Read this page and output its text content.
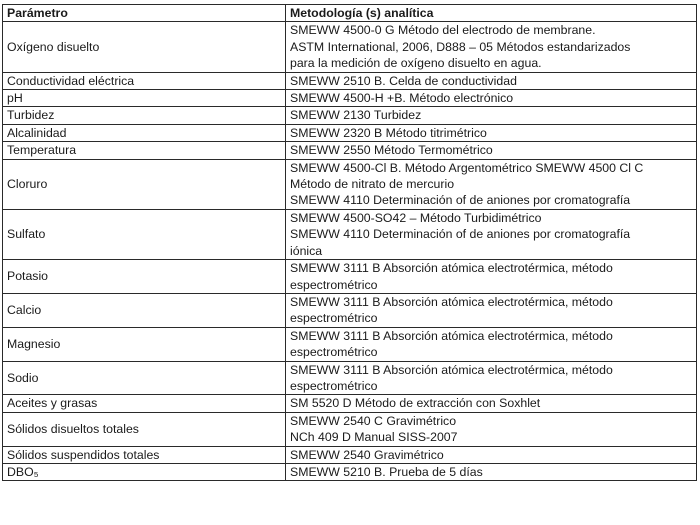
Parámetro	Metodología (s) analítica
Oxígeno disuelto	SMEWW 4500-0 G Método del electrodo de membrane.
ASTM International, 2006, D888 – 05 Métodos estandarizados
para la medición de oxígeno disuelto en agua.

Conductividad eléctrica	SMEWW 2510 B. Celda de conductividad

pH	SMEWW 4500-H +B. Método electrónico

Turbidez	SMEWW 2130 Turbidez

Alcalinidad	SMEWW 2320 B Método titrimétrico

Temperatura	SMEWW 2550 Método Termométrico

Cloruro	SMEWW 4500-Cl B. Método Argentométrico SMEWW 4500 Cl C
Método de nitrato de mercurio
SMEWW 4110 Determinación of de aniones por cromatografía

Sulfato	SMEWW 4500-SO42 – Método Turbidimétrico
SMEWW 4110 Determinación of de aniones por cromatografía
iónica

Potasio	SMEWW 3111 B Absorción atómica electrotérmica, método
espectrométrico

Calcio	SMEWW 3111 B Absorción atómica electrotérmica, método
espectrométrico

Magnesio	SMEWW 3111 B Absorción atómica electrotérmica, método
espectrométrico

Sodio	SMEWW 3111 B Absorción atómica electrotérmica, método
espectrométrico

Aceites y grasas	SM 5520 D Método de extracción con Soxhlet

Sólidos disueltos totales	SMEWW 2540 C Gravimétrico
NCh 409 D Manual SISS-2007

Sólidos suspendidos totales	SMEWW 2540 Gravimétrico

DBO₅	SMEWW 5210 B. Prueba de 5 días
